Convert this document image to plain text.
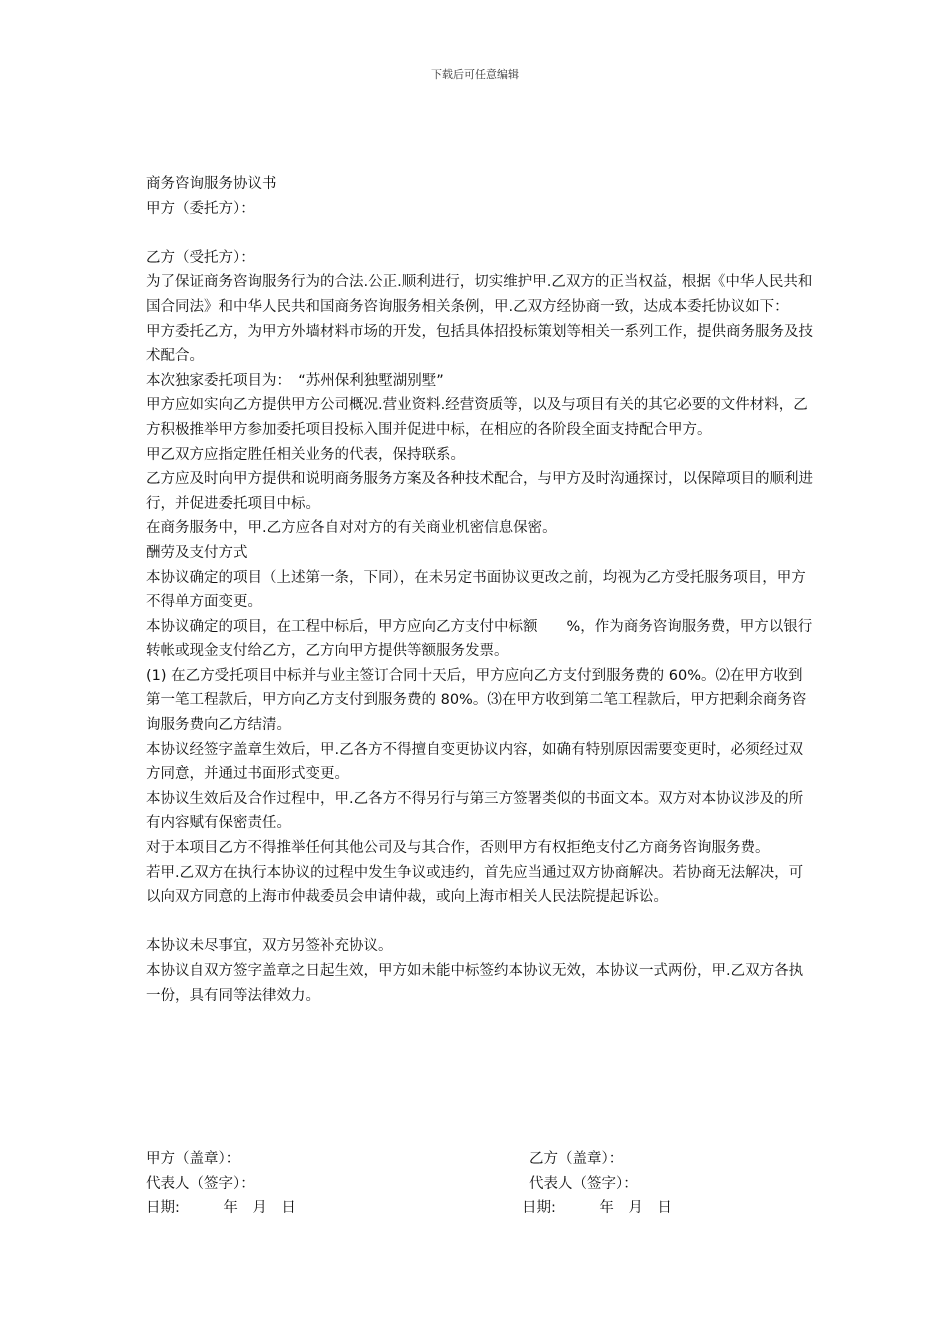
下载后可任意编辑

商务咨询服务协议书

甲方（委托方）：

乙方（受托方）：

为了保证商务咨询服务行为的合法.公正.顺利进行，切实维护甲.乙双方的正当权益，根据《中华人民共和国合同法》和中华人民共和国商务咨询服务相关条例，甲.乙双方经协商一致，达成本委托协议如下：

甲方委托乙方，为甲方外墙材料市场的开发，包括具体招投标策划等相关一系列工作，提供商务服务及技术配合。

本次独家委托项目为：　“苏州保利独墅湖别墅”

甲方应如实向乙方提供甲方公司概况.营业资料.经营资质等，以及与项目有关的其它必要的文件材料，乙方积极推举甲方参加委托项目投标入围并促进中标，在相应的各阶段全面支持配合甲方。

甲乙双方应指定胜任相关业务的代表，保持联系。

乙方应及时向甲方提供和说明商务服务方案及各种技术配合，与甲方及时沟通探讨，以保障项目的顺利进行，并促进委托项目中标。

在商务服务中，甲.乙方应各自对对方的有关商业机密信息保密。

酬劳及支付方式

本协议确定的项目（上述第一条，下同），在未另定书面协议更改之前，均视为乙方受托服务项目，甲方不得单方面变更。

本协议确定的项目，在工程中标后，甲方应向乙方支付中标额　　%，作为商务咨询服务费，甲方以银行转帐或现金支付给乙方，乙方向甲方提供等额服务发票。

(1) 在乙方受托项目中标并与业主签订合同十天后，甲方应向乙方支付到服务费的 60%。⑵在甲方收到第一笔工程款后，甲方向乙方支付到服务费的 80%。⑶在甲方收到第二笔工程款后，甲方把剩余商务咨询服务费向乙方结清。

本协议经签字盖章生效后，甲.乙各方不得擅自变更协议内容，如确有特别原因需要变更时，必须经过双方同意，并通过书面形式变更。

本协议生效后及合作过程中，甲.乙各方不得另行与第三方签署类似的书面文本。双方对本协议涉及的所有内容赋有保密责任。

对于本项目乙方不得推举任何其他公司及与其合作，否则甲方有权拒绝支付乙方商务咨询服务费。

若甲.乙双方在执行本协议的过程中发生争议或违约，首先应当通过双方协商解决。若协商无法解决，可以向双方同意的上海市仲裁委员会申请仲裁，或向上海市相关人民法院提起诉讼。

本协议未尽事宜，双方另签补充协议。

本协议自双方签字盖章之日起生效，甲方如未能中标签约本协议无效，本协议一式两份，甲.乙双方各执一份，具有同等法律效力。

甲方（盖章）：	乙方（盖章）：
代表人（签字）：	代表人（签字）：
日期:　　　年　月　日	日期:　　　年　月　日
